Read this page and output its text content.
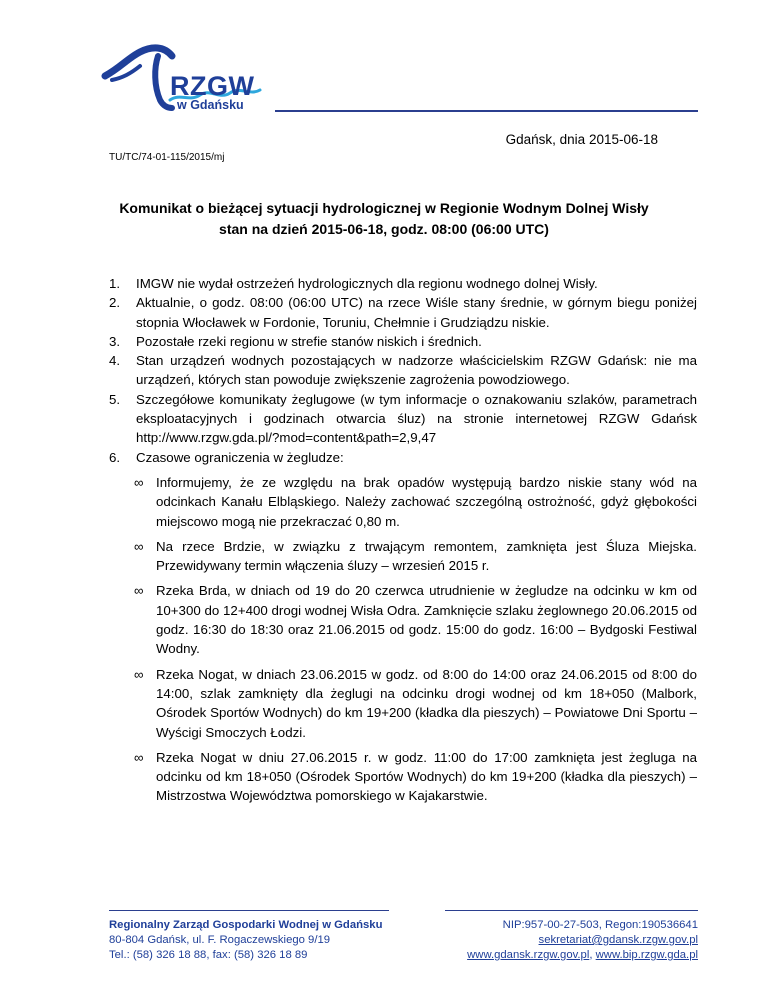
RZGW
w Gdańsku
Gdańsk, dnia 2015-06-18
TU/TC/74-01-115/2015/mj
Komunikat o bieżącej sytuacji hydrologicznej w Regionie Wodnym Dolnej Wisły
stan na dzień 2015-06-18, godz. 08:00 (06:00 UTC)
1. IMGW nie wydał ostrzeżeń hydrologicznych dla regionu wodnego dolnej Wisły.
2. Aktualnie, o godz. 08:00 (06:00 UTC) na rzece Wiśle stany średnie, w górnym biegu poniżej stopnia Włocławek w Fordonie, Toruniu, Chełmnie i Grudziądzu niskie.
3. Pozostałe rzeki regionu w strefie stanów niskich i średnich.
4. Stan urządzeń wodnych pozostających w nadzorze właścicielskim RZGW Gdańsk: nie ma urządzeń, których stan powoduje zwiększenie zagrożenia powodziowego.
5. Szczegółowe komunikaty żeglugowe (w tym informacje o oznakowaniu szlaków, parametrach eksploatacyjnych i godzinach otwarcia śluz) na stronie internetowej RZGW Gdańsk http://www.rzgw.gda.pl/?mod=content&path=2,9,47
6. Czasowe ograniczenia w żegludze:
∞ Informujemy, że ze względu na brak opadów występują bardzo niskie stany wód na odcinkach Kanału Elbląskiego. Należy zachować szczególną ostrożność, gdyż głębokości miejscowo mogą nie przekraczać 0,80 m.
∞ Na rzece Brdzie, w związku z trwającym remontem, zamknięta jest Śluza Miejska. Przewidywany termin włączenia śluzy – wrzesień 2015 r.
∞ Rzeka Brda, w dniach od 19 do 20 czerwca utrudnienie w żegludze na odcinku w km od 10+300 do 12+400 drogi wodnej Wisła Odra. Zamknięcie szlaku żeglownego 20.06.2015 od godz. 16:30 do 18:30 oraz 21.06.2015 od godz. 15:00 do godz. 16:00 – Bydgoski Festiwal Wodny.
∞ Rzeka Nogat, w dniach 23.06.2015 w godz. od 8:00 do 14:00 oraz 24.06.2015 od 8:00 do 14:00, szlak zamknięty dla żeglugi na odcinku drogi wodnej od km 18+050 (Malbork, Ośrodek Sportów Wodnych) do km 19+200 (kładka dla pieszych) – Powiatowe Dni Sportu – Wyścigi Smoczych Łodzi.
∞ Rzeka Nogat w dniu 27.06.2015 r. w godz. 11:00 do 17:00 zamknięta jest żegluga na odcinku od km 18+050 (Ośrodek Sportów Wodnych) do km 19+200 (kładka dla pieszych) – Mistrzostwa Województwa pomorskiego w Kajakarstwie.
Regionalny Zarząd Gospodarki Wodnej w Gdańsku
80-804 Gdańsk, ul. F. Rogaczewskiego 9/19
Tel.: (58) 326 18 88, fax: (58) 326 18 89
NIP:957-00-27-503, Regon:190536641
sekretariat@gdansk.rzgw.gov.pl
www.gdansk.rzgw.gov.pl, www.bip.rzgw.gda.pl
